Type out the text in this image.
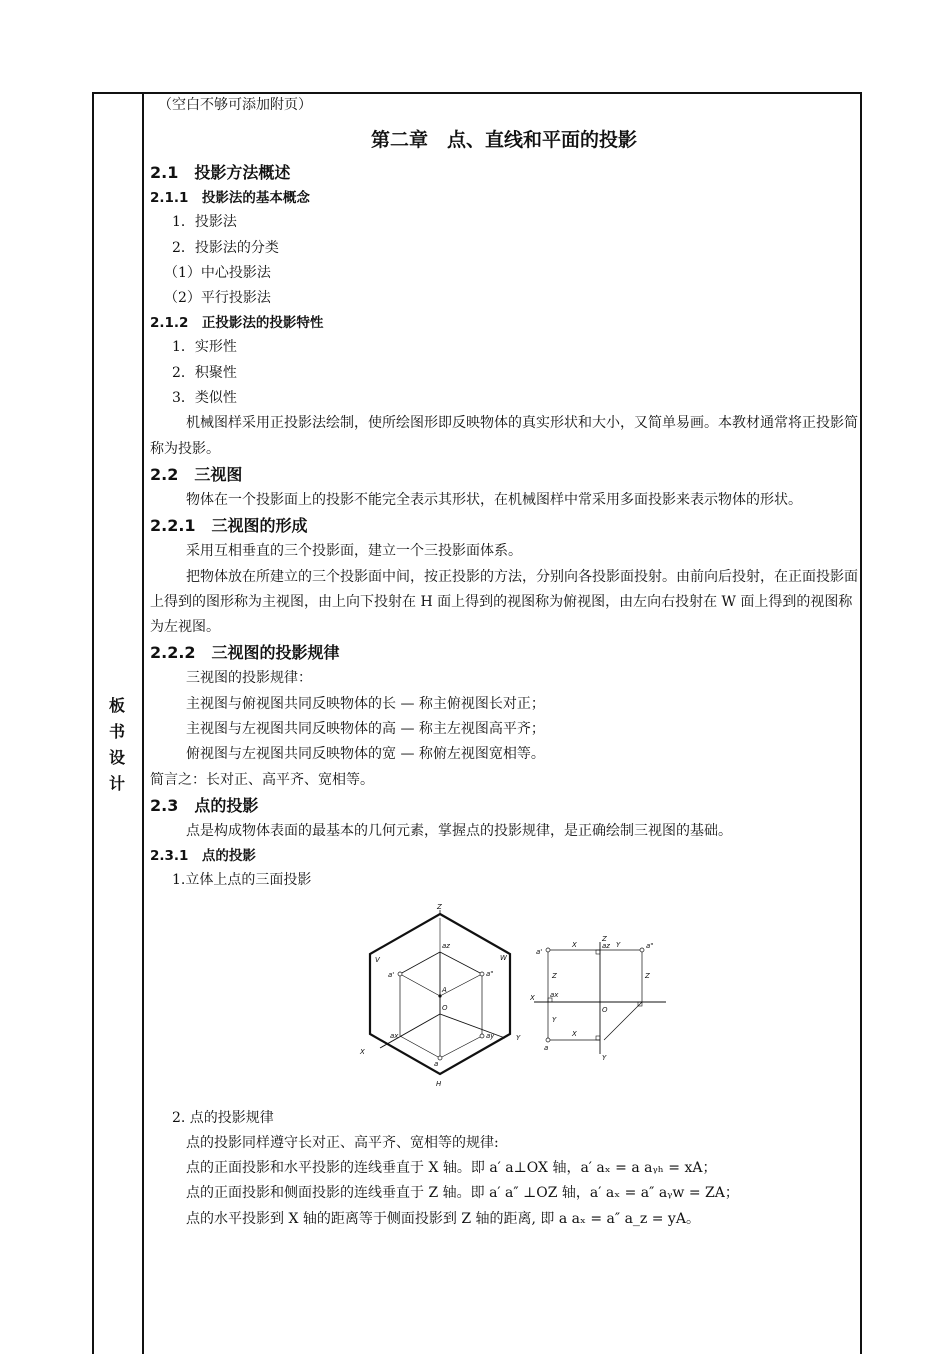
板
书
设
计
（空白不够可添加附页）
第二章　点、直线和平面的投影
2.1　投影方法概述
2.1.1　投影法的基本概念
1．投影法
2．投影法的分类
（1）中心投影法
（2）平行投影法
2.1.2　正投影法的投影特性
1．实形性
2．积聚性
3．类似性
机械图样采用正投影法绘制，使所绘图形即反映物体的真实形状和大小，又简单易画。本教材通常将正投影简称为投影。
2.2　三视图
物体在一个投影面上的投影不能完全表示其形状，在机械图样中常采用多面投影来表示物体的形状。
2.2.1　三视图的形成
采用互相垂直的三个投影面，建立一个三投影面体系。
把物体放在所建立的三个投影面中间，按正投影的方法，分别向各投影面投射。由前向后投射，在正面投影面上得到的图形称为主视图，由上向下投射在 H 面上得到的视图称为俯视图，由左向右投射在 W 面上得到的视图称为左视图。
2.2.2　三视图的投影规律
三视图的投影规律：
主视图与俯视图共同反映物体的长 — 称主俯视图长对正；
主视图与左视图共同反映物体的高 — 称主左视图高平齐；
俯视图与左视图共同反映物体的宽 — 称俯左视图宽相等。
简言之：长对正、高平齐、宽相等。
2.3　点的投影
点是构成物体表面的最基本的几何元素，掌握点的投影规律，是正确绘制三视图的基础。
2.3.1　点的投影
1.立体上点的三面投影
Z
V	W
X
Y
H
az
a'	a"
A
O
ax	ay
a
Z
X	Y
az
a'
a"
Z	Z
X ax
O
Y
X
a
Y
2. 点的投影规律
点的投影同样遵守长对正、高平齐、宽相等的规律:
点的正面投影和水平投影的连线垂直于 X 轴。即 a′ a⊥OX 轴，a′ aₓ = a aᵧₕ = xA；
点的正面投影和侧面投影的连线垂直于 Z 轴。即 a′ a″ ⊥OZ 轴，a′ aₓ = a″ aᵧw = ZA；
点的水平投影到 X 轴的距离等于侧面投影到 Z 轴的距离, 即 a aₓ = a″ a_z = yA。
